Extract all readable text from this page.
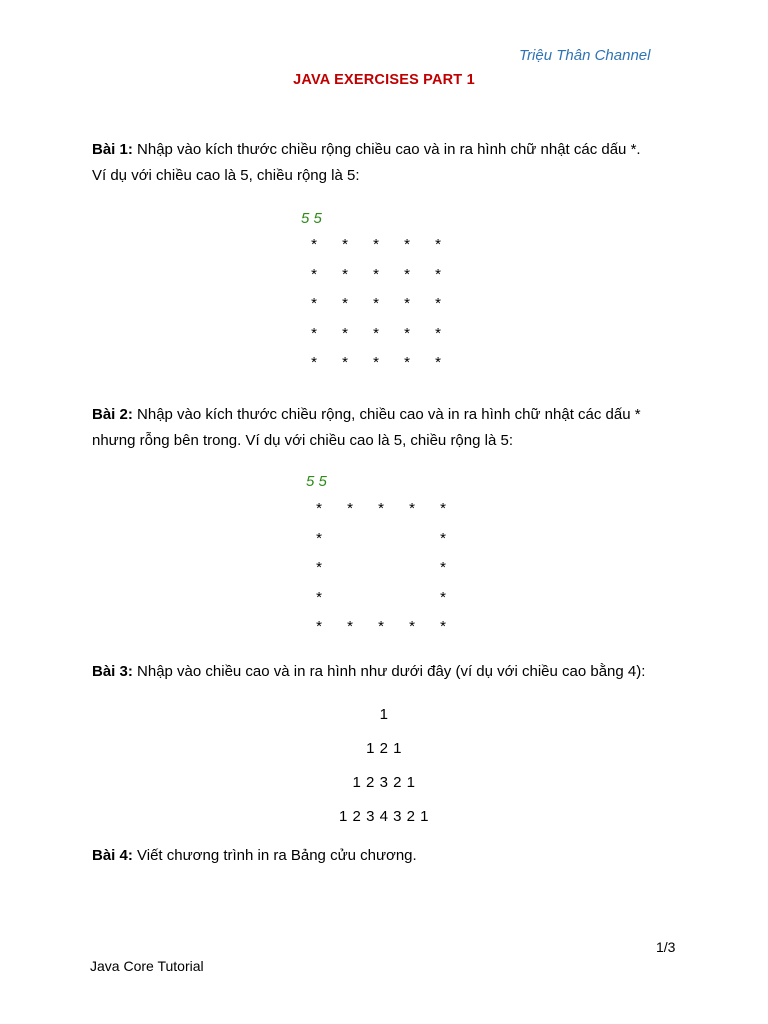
Triệu Thân Channel
JAVA EXERCISES PART 1
Bài 1: Nhập vào kích thước chiều rộng chiều cao và in ra hình chữ nhật các dấu *.
Ví dụ với chiều cao là 5, chiều rộng là 5:
5 5
* * * * *
* * * * *
* * * * *
* * * * *
* * * * *
Bài 2: Nhập vào kích thước chiều rộng, chiều cao và in ra hình chữ nhật các dấu *
nhưng rỗng bên trong. Ví dụ với chiều cao là 5, chiều rộng là 5:
5 5
* * * * *
*	*
*	*
*	*
* * * * *
Bài 3: Nhập vào chiều cao và in ra hình như dưới đây (ví dụ với chiều cao bằng 4):
1
1 2 1
1 2 3 2 1
1 2 3 4 3 2 1
Bài 4: Viết chương trình in ra Bảng cửu chương.
1/3
Java Core Tutorial
